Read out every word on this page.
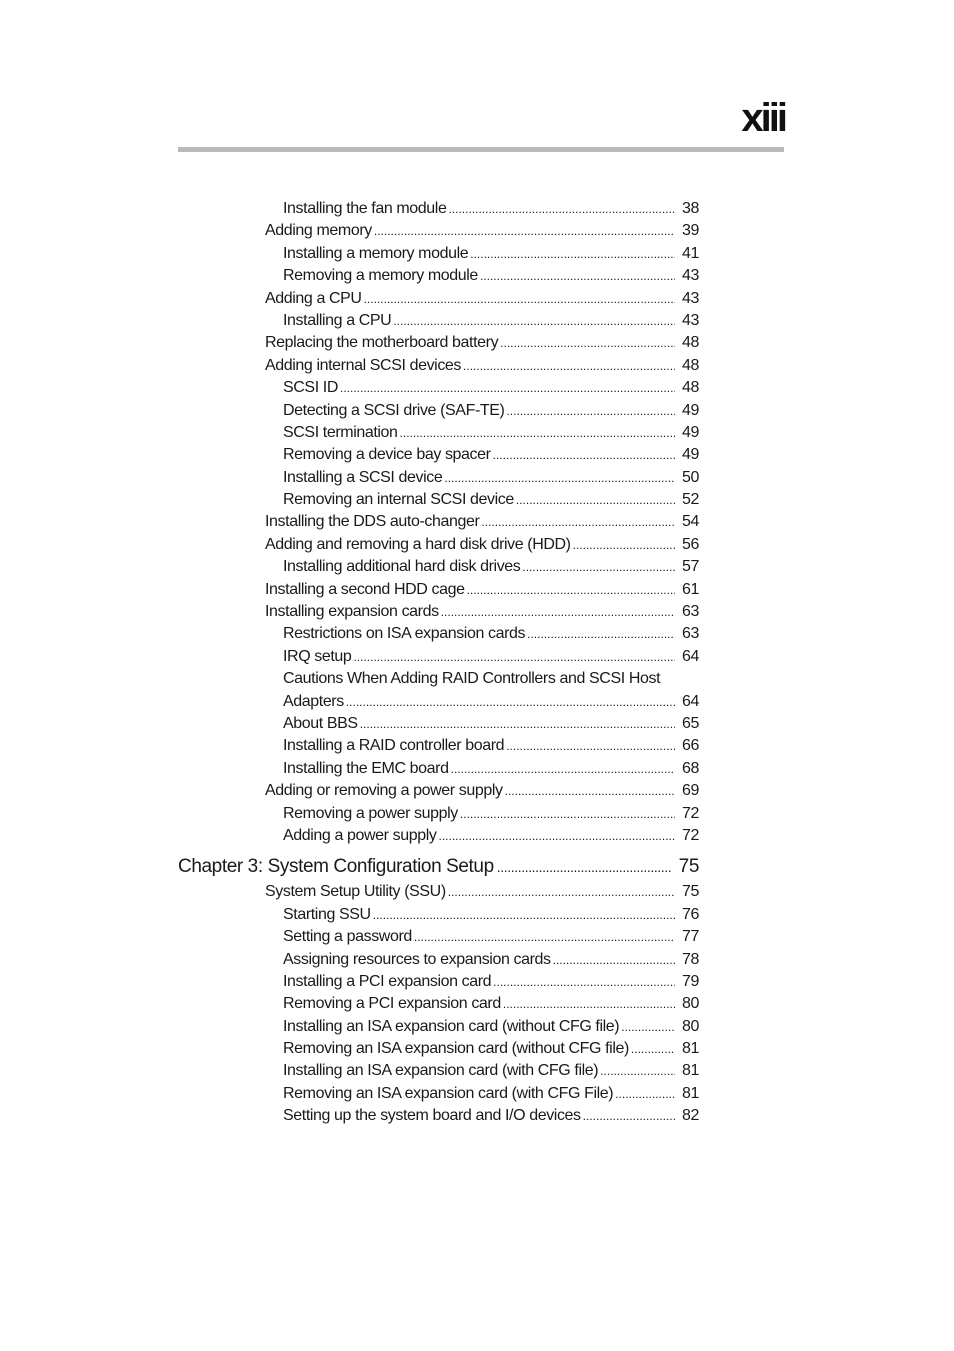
xiii
Installing the fan module .....	38
Adding memory .....	39
Installing a memory module .....	41
Removing a memory module .....	43
Adding a CPU .....	43
Installing a CPU .....	43
Replacing the motherboard battery .....	48
Adding internal SCSI devices .....	48
SCSI ID .....	48
Detecting a SCSI drive (SAF-TE) .....	49
SCSI termination .....	49
Removing a device bay spacer .....	49
Installing a SCSI device .....	50
Removing an internal SCSI device .....	52
Installing the DDS auto-changer .....	54
Adding and removing a hard disk drive (HDD) .....	56
Installing additional hard disk drives .....	57
Installing a second HDD cage .....	61
Installing expansion cards .....	63
Restrictions on ISA expansion cards .....	63
IRQ setup .....	64
Cautions When Adding RAID Controllers and SCSI Host
Adapters .....	64
About BBS .....	65
Installing a RAID controller board .....	66
Installing the EMC board .....	68
Adding or removing a power supply .....	69
Removing a power supply .....	72
Adding a power supply .....	72
Chapter 3: System Configuration Setup .....	75
System Setup Utility (SSU) .....	75
Starting SSU .....	76
Setting a password .....	77
Assigning resources to expansion cards .....	78
Installing a PCI expansion card .....	79
Removing a PCI expansion card .....	80
Installing an ISA expansion card (without CFG file) .....	80
Removing an ISA expansion card (without CFG file) .....	81
Installing an ISA expansion card (with CFG file) .....	81
Removing an ISA expansion card (with CFG File) .....	81
Setting up the system board and I/O devices .....	82
